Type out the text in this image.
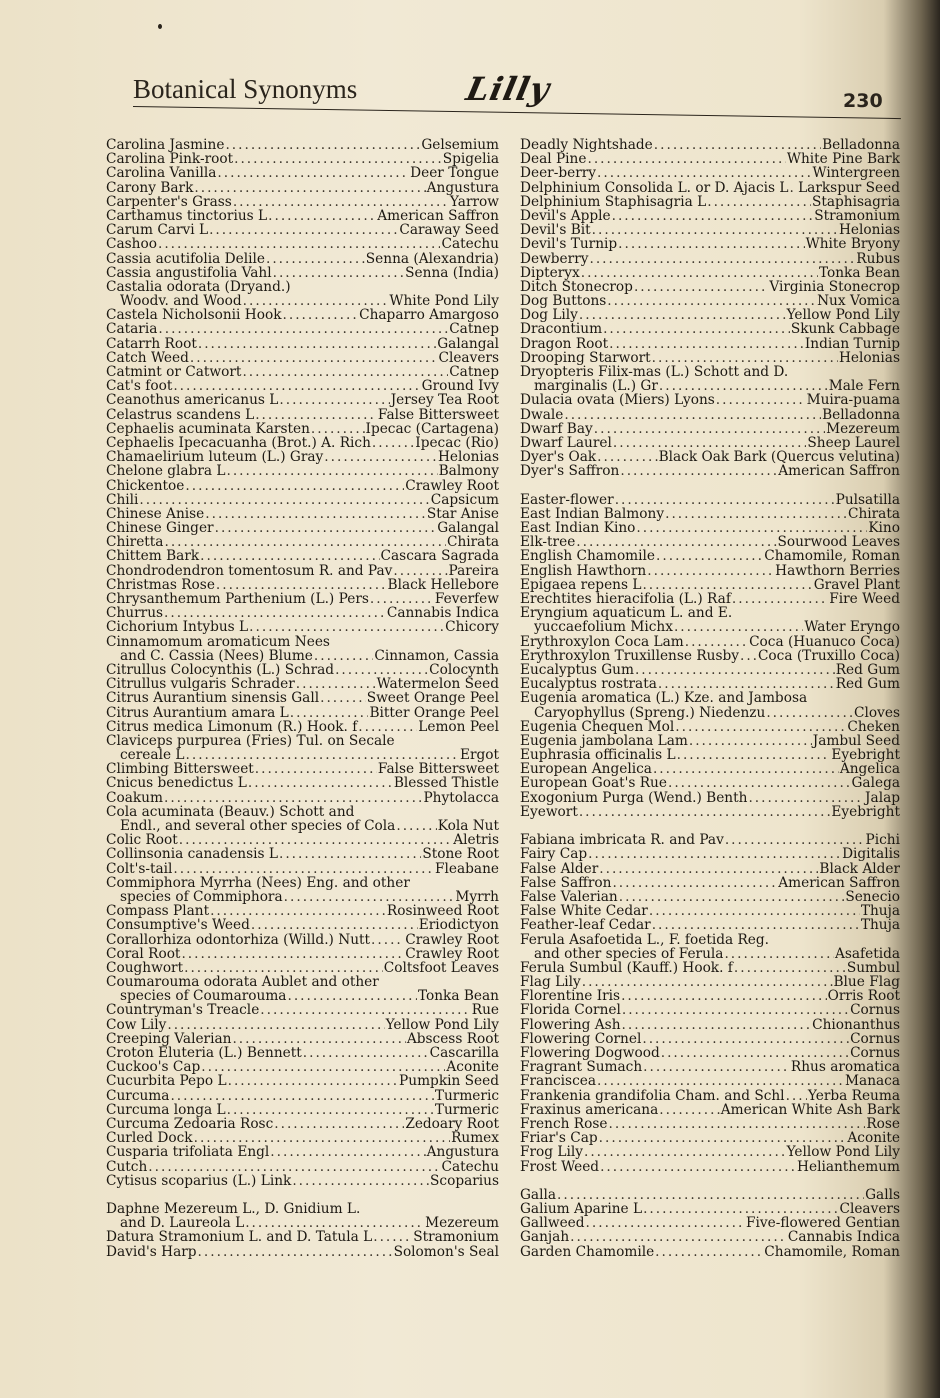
Botanical Synonyms	Lilly	230
Carolina Jasmine .....	Gelsemium
Carolina Pink-root .....	Spigelia
Carolina Vanilla .....	Deer Tongue
Carony Bark .....	Angustura
Carpenter's Grass .....	Yarrow
Carthamus tinctorius L .....	American Saffron
Carum Carvi L .....	Caraway Seed
Cashoo .....	Catechu
Cassia acutifolia Delile .....	Senna (Alexandria)
Cassia angustifolia Vahl .....	Senna (India)
Castalia odorata (Dryand.)
Woodv. and Wood .....	White Pond Lily
Castela Nicholsonii Hook .....	Chaparro Amargoso
Cataria .....	Catnep
Catarrh Root .....	Galangal
Catch Weed .....	Cleavers
Catmint or Catwort .....	Catnep
Cat's foot .....	Ground Ivy
Ceanothus americanus L .....	Jersey Tea Root
Celastrus scandens L .....	False Bittersweet
Cephaelis acuminata Karsten .....	Ipecac (Cartagena)
Cephaelis Ipecacuanha (Brot.) A. Rich .....	Ipecac (Rio)
Chamaelirium luteum (L.) Gray .....	Helonias
Chelone glabra L .....	Balmony
Chickentoe .....	Crawley Root
Chili .....	Capsicum
Chinese Anise .....	Star Anise
Chinese Ginger .....	Galangal
Chiretta .....	Chirata
Chittem Bark .....	Cascara Sagrada
Chondrodendron tomentosum R. and Pav .....	Pareira
Christmas Rose .....	Black Hellebore
Chrysanthemum Parthenium (L.) Pers .....	Feverfew
Churrus .....	Cannabis Indica
Cichorium Intybus L .....	Chicory
Cinnamomum aromaticum Nees
and C. Cassia (Nees) Blume .....	Cinnamon, Cassia
Citrullus Colocynthis (L.) Schrad .....	Colocynth
Citrullus vulgaris Schrader .....	Watermelon Seed
Citrus Aurantium sinensis Gall .....	Sweet Orange Peel
Citrus Aurantium amara L .....	Bitter Orange Peel
Citrus medica Limonum (R.) Hook. f .....	Lemon Peel
Claviceps purpurea (Fries) Tul. on Secale
cereale L .....	Ergot
Climbing Bittersweet .....	False Bittersweet
Cnicus benedictus L .....	Blessed Thistle
Coakum .....	Phytolacca
Cola acuminata (Beauv.) Schott and
Endl., and several other species of Cola .....	Kola Nut
Colic Root .....	Aletris
Collinsonia canadensis L .....	Stone Root
Colt's-tail .....	Fleabane
Commiphora Myrrha (Nees) Eng. and other
species of Commiphora .....	Myrrh
Compass Plant .....	Rosinweed Root
Consumptive's Weed .....	Eriodictyon
Corallorhiza odontorhiza (Willd.) Nutt .....	Crawley Root
Coral Root .....	Crawley Root
Coughwort .....	Coltsfoot Leaves
Coumarouma odorata Aublet and other
species of Coumarouma .....	Tonka Bean
Countryman's Treacle .....	Rue
Cow Lily .....	Yellow Pond Lily
Creeping Valerian .....	Abscess Root
Croton Eluteria (L.) Bennett .....	Cascarilla
Cuckoo's Cap .....	Aconite
Cucurbita Pepo L .....	Pumpkin Seed
Curcuma .....	Turmeric
Curcuma longa L .....	Turmeric
Curcuma Zedoaria Rosc .....	Zedoary Root
Curled Dock .....	Rumex
Cusparia trifoliata Engl .....	Angustura
Cutch .....	Catechu
Cytisus scoparius (L.) Link .....	Scoparius
Daphne Mezereum L., D. Gnidium L.
and D. Laureola L .....	Mezereum
Datura Stramonium L. and D. Tatula L .....	Stramonium
David's Harp .....	Solomon's Seal
Deadly Nightshade .....	Belladonna
Deal Pine .....	White Pine Bark
Deer-berry .....	Wintergreen
Delphinium Consolida L. or D. Ajacis L ..... Larkspur Seed
Delphinium Staphisagria L .....	Staphisagria
Devil's Apple .....	Stramonium
Devil's Bit .....	Helonias
Devil's Turnip .....	White Bryony
Dewberry .....	Rubus
Dipteryx .....	Tonka Bean
Ditch Stonecrop .....	Virginia Stonecrop
Dog Buttons .....	Nux Vomica
Dog Lily .....	Yellow Pond Lily
Dracontium .....	Skunk Cabbage
Dragon Root .....	Indian Turnip
Drooping Starwort .....	Helonias
Dryopteris Filix-mas (L.) Schott and D.
marginalis (L.) Gr .....	Male Fern
Dulacia ovata (Miers) Lyons .....	Muira-puama
Dwale .....	Belladonna
Dwarf Bay .....	Mezereum
Dwarf Laurel .....	Sheep Laurel
Dyer's Oak .....	Black Oak Bark (Quercus velutina)
Dyer's Saffron .....	American Saffron
Easter-flower .....	Pulsatilla
East Indian Balmony .....	Chirata
East Indian Kino .....	Kino
Elk-tree .....	Sourwood Leaves
English Chamomile .....	Chamomile, Roman
English Hawthorn .....	Hawthorn Berries
Epigaea repens L .....	Gravel Plant
Erechtites hieracifolia (L.) Raf .....	Fire Weed
Eryngium aquaticum L. and E.
yuccaefolium Michx .....	Water Eryngo
Erythroxylon Coca Lam .....	Coca (Huanuco Coca)
Erythroxylon Truxillense Rusby ..... Coca (Truxillo Coca)
Eucalyptus Gum .....	Red Gum
Eucalyptus rostrata .....	Red Gum
Eugenia aromatica (L.) Kze. and Jambosa
Caryophyllus (Spreng.) Niedenzu .....	Cloves
Eugenia Chequen Mol .....	Cheken
Eugenia jambolana Lam .....	Jambul Seed
Euphrasia officinalis L .....	Eyebright
European Angelica .....	Angelica
European Goat's Rue .....	Galega
Exogonium Purga (Wend.) Benth .....	Jalap
Eyewort .....	Eyebright
Fabiana imbricata R. and Pav .....	Pichi
Fairy Cap .....	Digitalis
False Alder .....	Black Alder
False Saffron .....	American Saffron
False Valerian .....	Senecio
False White Cedar .....	Thuja
Feather-leaf Cedar .....	Thuja
Ferula Asafoetida L., F. foetida Reg.
and other species of Ferula .....	Asafetida
Ferula Sumbul (Kauff.) Hook. f .....	Sumbul
Flag Lily .....	Blue Flag
Florentine Iris .....	Orris Root
Florida Cornel .....	Cornus
Flowering Ash .....	Chionanthus
Flowering Cornel .....	Cornus
Flowering Dogwood .....	Cornus
Fragrant Sumach .....	Rhus aromatica
Franciscea .....	Manaca
Frankenia grandifolia Cham. and Schl ..... Yerba Reuma
Fraxinus americana .....	American White Ash Bark
French Rose .....	Rose
Friar's Cap .....	Aconite
Frog Lily .....	Yellow Pond Lily
Frost Weed .....	Helianthemum
Galla .....	Galls
Galium Aparine L .....	Cleavers
Gallweed .....	Five-flowered Gentian
Ganjah .....	Cannabis Indica
Garden Chamomile .....	Chamomile, Roman
